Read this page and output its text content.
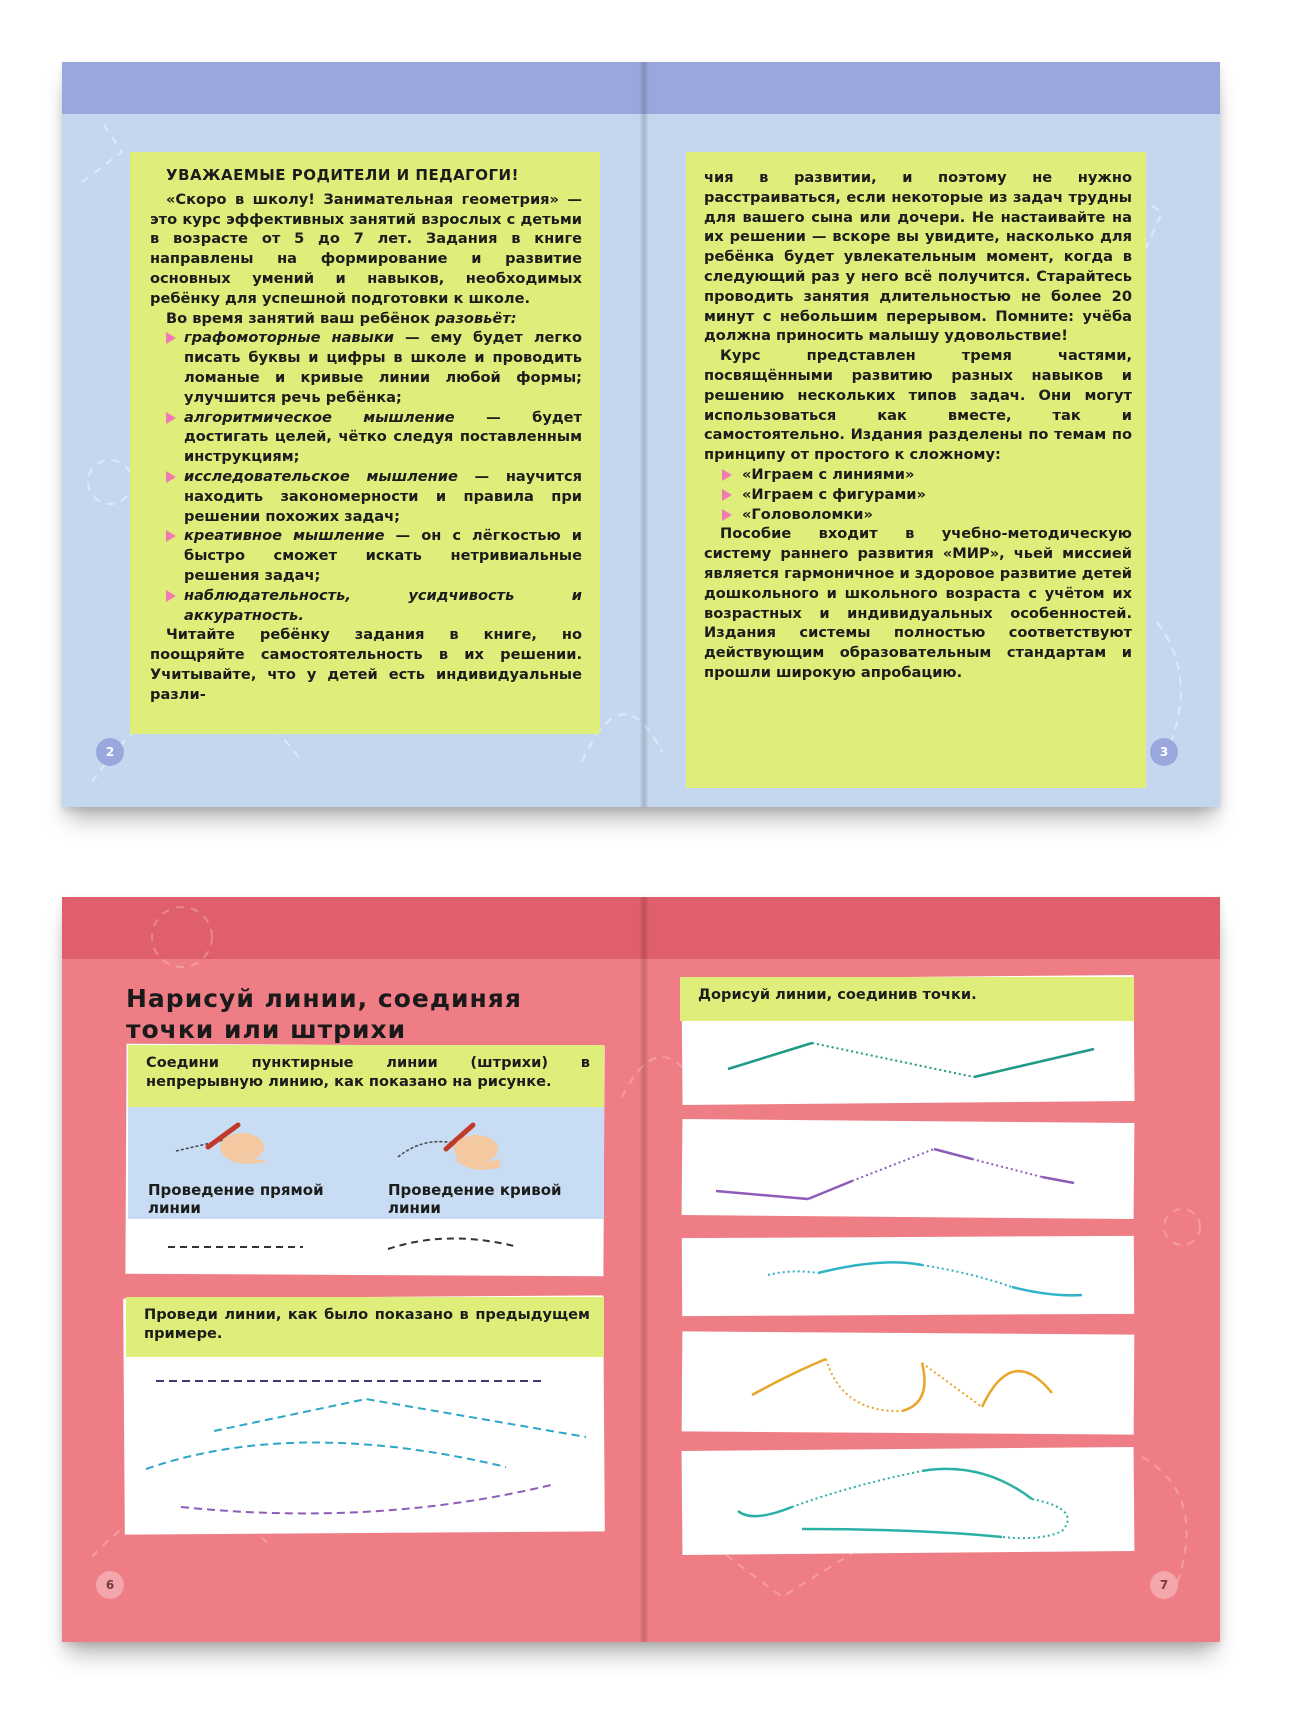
УВАЖАЕМЫЕ РОДИТЕЛИ И ПЕДАГОГИ!

«Скоро в школу! Занимательная геометрия» — это курс эффективных занятий взрослых с детьми в возрасте от 5 до 7 лет. Задания в книге направлены на формирование и развитие основных умений и навыков, необходимых ребёнку для успешной подготовки к школе.

Во время занятий ваш ребёнок разовьёт:

графомоторные навыки — ему будет легко писать буквы и цифры в школе и проводить ломаные и кривые линии любой формы; улучшится речь ребёнка;
алгоритмическое мышление — будет достигать целей, чётко следуя поставленным инструкциям;
исследовательское мышление — научится находить закономерности и правила при решении похожих задач;
креативное мышление — он с лёгкостью и быстро сможет искать нетривиальные решения задач;
наблюдательность, усидчивость и аккуратность.

Читайте ребёнку задания в книге, но поощряйте самостоятельность в их решении. Учитывайте, что у детей есть индивидуальные разли-

чия в развитии, и поэтому не нужно расстраиваться, если некоторые из задач трудны для вашего сына или дочери. Не настаивайте на их решении — вскоре вы увидите, насколько для ребёнка будет увлекательным момент, когда в следующий раз у него всё получится. Старайтесь проводить занятия длительностью не более 20 минут с небольшим перерывом. Помните: учёба должна приносить малышу удовольствие!

Курс представлен тремя частями, посвящёнными развитию разных навыков и решению нескольких типов задач. Они могут использоваться как вместе, так и самостоятельно. Издания разделены по темам по принципу от простого к сложному:

«Играем с линиями»
«Играем с фигурами»
«Головоломки»

Пособие входит в учебно-методическую систему раннего развития «МИР», чьей миссией является гармоничное и здоровое развитие детей дошкольного и школьного возраста с учётом их возрастных и индивидуальных особенностей. Издания системы полностью соответствуют действующим образовательным стандартам и прошли широкую апробацию.

2	3
Нарисуй линии, соединяя
точки или штрихи
Соедини пунктирные линии (штрихи) в непрерывную линию, как показано на рисунке.
Проведение прямой линии
Проведение кривой линии
Проведи линии, как было показано в предыдущем примере.
Дорисуй линии, соединив точки.
6	7
